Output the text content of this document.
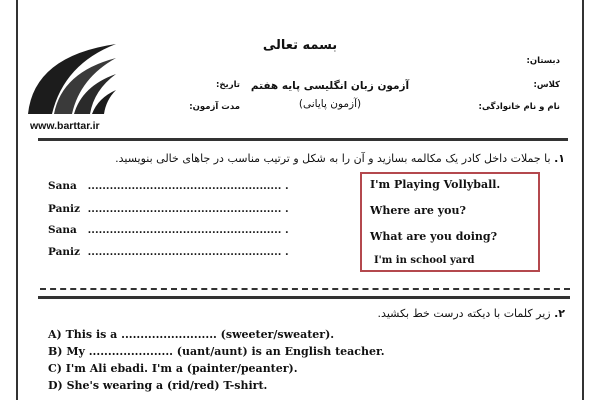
www.barttar.ir
بسمه تعالی
آزمون زبان انگلیسی پایه هفتم
(آزمون پایانی)
دبستان:
کلاس:
نام و نام خانوادگی:
تاریخ:
مدت آزمون:
۱. با جملات داخل کادر یک مکالمه بسازید و آن را به شکل و ترتیب مناسب در جاهای خالی بنویسید.
Sana ..................................................... .
Paniz ..................................................... .
Sana ..................................................... .
Paniz ..................................................... .
I'm Playing Vollyball.
Where are you?
What are you doing?
I'm in school yard
۲. زیر کلمات با دیکته درست خط بکشید.
A) This is a ......................... (sweeter/sweater).
B) My ...................... (uant/aunt) is an English teacher.
C) I'm Ali ebadi. I'm a (painter/peanter).
D) She's wearing a (rid/red) T-shirt.
